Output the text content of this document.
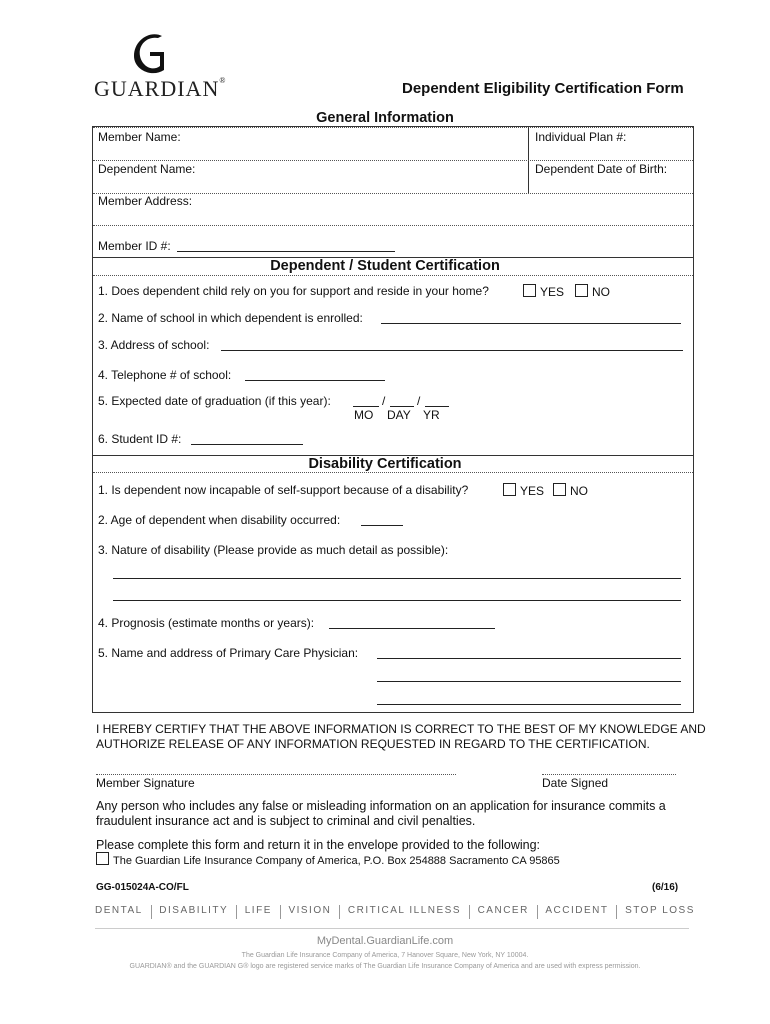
GUARDIAN®	Dependent Eligibility Certification Form
General Information
Member Name:	Individual Plan #:
Dependent Name:	Dependent Date of Birth:
Member Address:
Member ID #:
Dependent / Student Certification
1. Does dependent child rely on you for support and reside in your home?	YES	NO
2. Name of school in which dependent is enrolled:
3. Address of school:
4. Telephone # of school:
5. Expected date of graduation (if this year):	/	/
MO DAY YR
6. Student ID #:
Disability Certification
1. Is dependent now incapable of self-support because of a disability?	YES	NO
2. Age of dependent when disability occurred:
3. Nature of disability (Please provide as much detail as possible):
4. Prognosis (estimate months or years):
5. Name and address of Primary Care Physician:
I HEREBY CERTIFY THAT THE ABOVE INFORMATION IS CORRECT TO THE BEST OF MY KNOWLEDGE AND
AUTHORIZE RELEASE OF ANY INFORMATION REQUESTED IN REGARD TO THE CERTIFICATION.
Member Signature	Date Signed
Any person who includes any false or misleading information on an application for insurance commits a
fraudulent insurance act and is subject to criminal and civil penalties.
Please complete this form and return it in the envelope provided to the following:
The Guardian Life Insurance Company of America, P.O. Box 254888 Sacramento CA 95865
GG-015024A-CO/FL	(6/16)
DENTAL DISABILITY LIFE VISION CRITICAL ILLNESS CANCER ACCIDENT STOP LOSS
MyDental.GuardianLife.com
The Guardian Life Insurance Company of America, 7 Hanover Square, New York, NY 10004.
GUARDIAN® and the GUARDIAN G® logo are registered service marks of The Guardian Life Insurance Company of America and are used with express permission.
